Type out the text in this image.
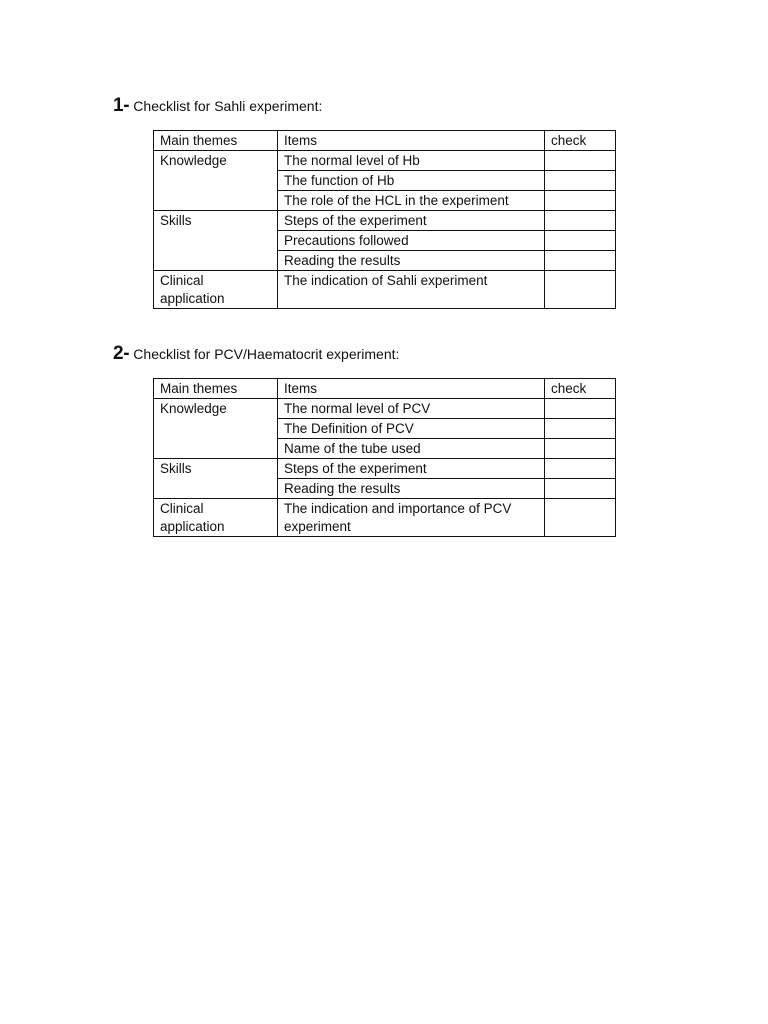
1- Checklist for Sahli experiment:
Main themes	Items	check
Knowledge	The normal level of Hb	
	The function of Hb	
	The role of the HCL in the experiment	
Skills	Steps of the experiment	
	Precautions followed	
	Reading the results	
Clinical application	The indication of Sahli experiment	
2- Checklist for PCV/Haematocrit experiment:
Main themes	Items	check
Knowledge	The normal level of PCV	
	The Definition of PCV	
	Name of the tube used	
Skills	Steps of the experiment	
	Reading the results	
Clinical application	The indication and importance of PCV experiment	
